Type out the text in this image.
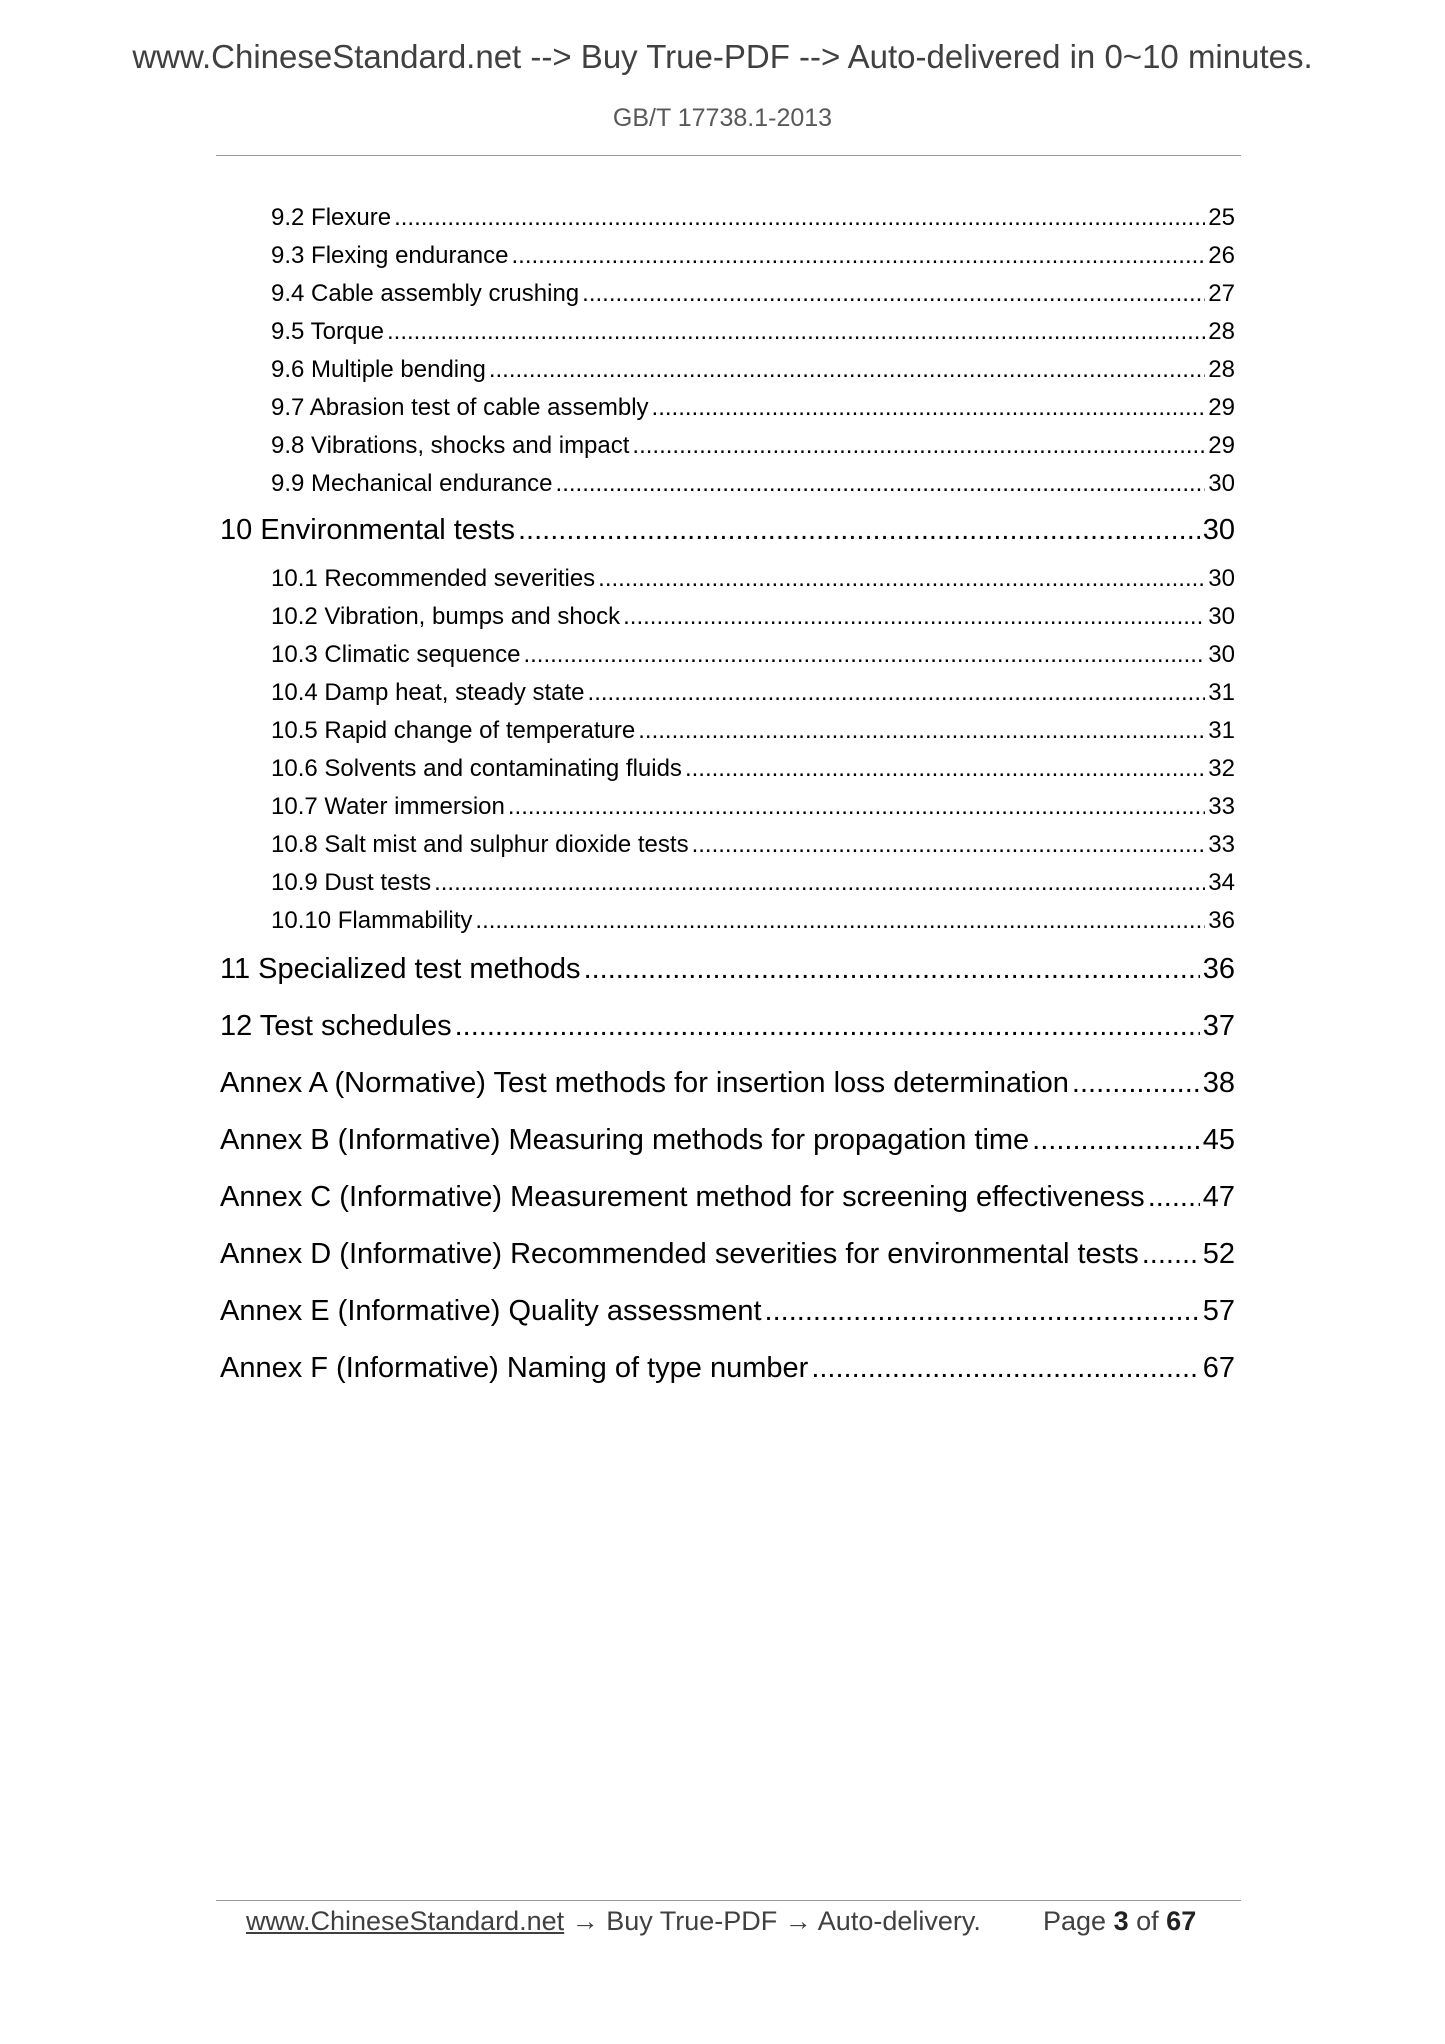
www.ChineseStandard.net --> Buy True-PDF --> Auto-delivered in 0~10 minutes.
GB/T 17738.1-2013
9.2 Flexure .....	25
9.3 Flexing endurance .....	26
9.4 Cable assembly crushing .....	27
9.5 Torque .....	28
9.6 Multiple bending .....	28
9.7 Abrasion test of cable assembly .....	29
9.8 Vibrations, shocks and impact .....	29
9.9 Mechanical endurance .....	30
10 Environmental tests .....	30
10.1 Recommended severities .....	30
10.2 Vibration, bumps and shock .....	30
10.3 Climatic sequence .....	30
10.4 Damp heat, steady state .....	31
10.5 Rapid change of temperature .....	31
10.6 Solvents and contaminating fluids .....	32
10.7 Water immersion .....	33
10.8 Salt mist and sulphur dioxide tests .....	33
10.9 Dust tests .....	34
10.10 Flammability .....	36
11 Specialized test methods .....	36
12 Test schedules .....	37
Annex A (Normative) Test methods for insertion loss determination .....	38
Annex B (Informative) Measuring methods for propagation time .....	45
Annex C (Informative) Measurement method for screening effectiveness ..... 47
Annex D (Informative) Recommended severities for environmental tests ..... 52
Annex E (Informative) Quality assessment .....	57
Annex F (Informative) Naming of type number .....	67
www.ChineseStandard.net → Buy True-PDF → Auto-delivery. Page 3 of 67
